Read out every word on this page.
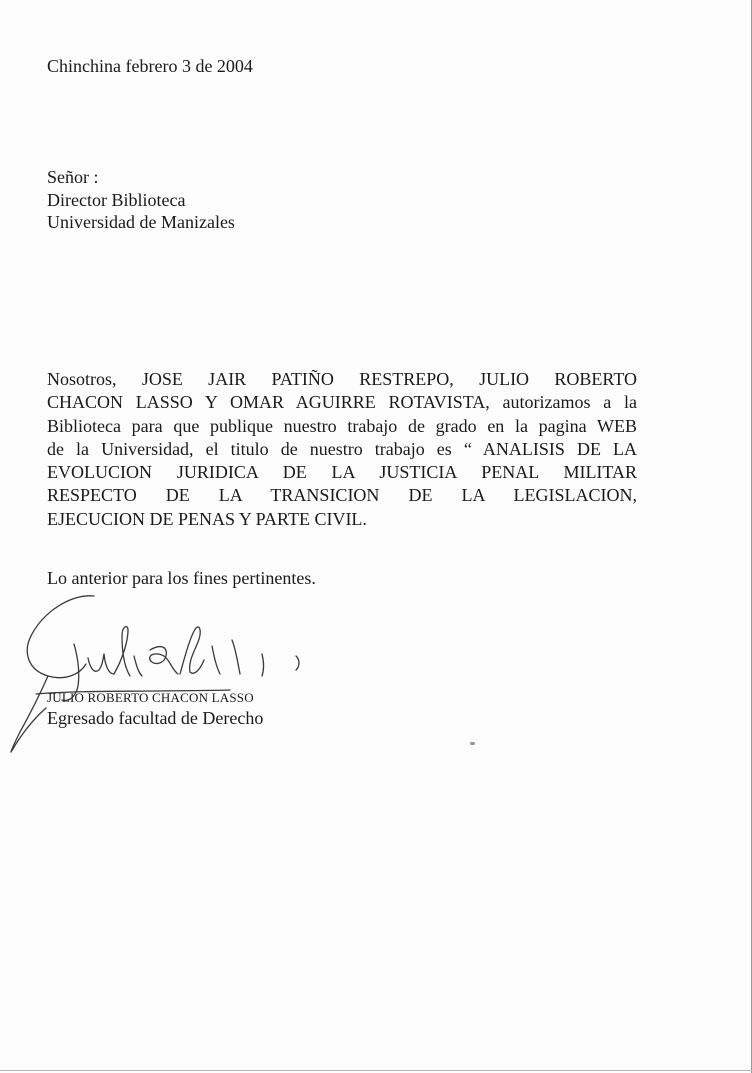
Chinchina febrero 3 de 2004
Señor :
Director Biblioteca
Universidad de Manizales
Nosotros, JOSE JAIR PATIÑO RESTREPO, JULIO ROBERTO
CHACON LASSO Y OMAR AGUIRRE ROTAVISTA, autorizamos a la
Biblioteca para que publique nuestro trabajo de grado en la pagina WEB
de la Universidad, el titulo de nuestro trabajo es “ ANALISIS DE LA
EVOLUCION JURIDICA DE LA JUSTICIA PENAL MILITAR
RESPECTO DE LA TRANSICION DE LA LEGISLACION,
EJECUCION DE PENAS Y PARTE CIVIL.
Lo anterior para los fines pertinentes.
JULIO ROBERTO CHACON LASSO
Egresado facultad de Derecho
